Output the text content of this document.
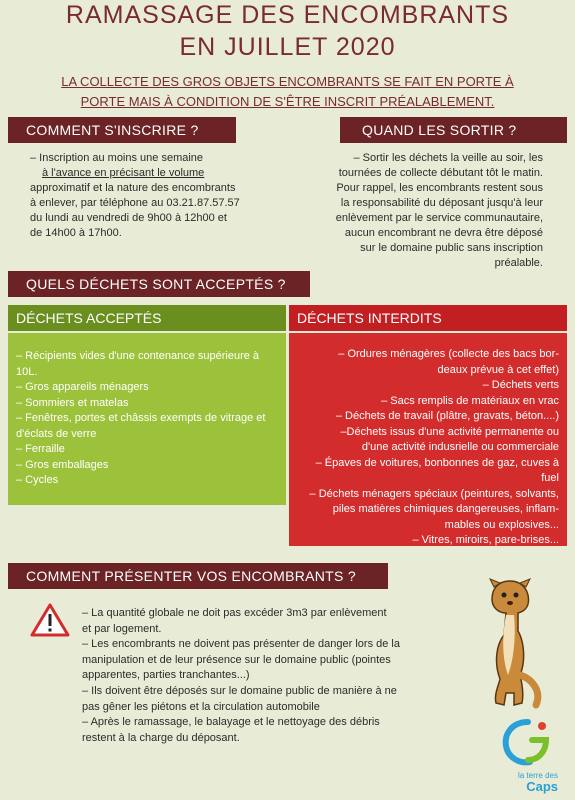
RAMASSAGE DES ENCOMBRANTS
EN JUILLET 2020
LA COLLECTE DES GROS OBJETS ENCOMBRANTS SE FAIT EN PORTE À PORTE MAIS À CONDITION DE S'ÊTRE INSCRIT PRÉALABLEMENT.
COMMENT S'INSCRIRE ?
– Inscription au moins une semaine
à l'avance en précisant le volume
approximatif et la nature des encombrants
à enlever, par téléphone au 03.21.87.57.57
du lundi au vendredi de 9h00 à 12h00 et
de 14h00 à 17h00.
QUAND LES SORTIR ?
– Sortir les déchets la veille au soir, les
tournées de collecte débutant tôt le matin.
Pour rappel, les encombrants restent sous
la responsabilité du déposant jusqu'à leur
enlèvement par le service communautaire,
aucun encombrant ne devra être déposé
sur le domaine public sans inscription
préalable.
QUELS DÉCHETS SONT ACCEPTÉS ?
DÉCHETS ACCEPTÉS
– Récipients vides d'une contenance supérieure à
10L.
– Gros appareils ménagers
– Sommiers et matelas
– Fenêtres, portes et châssis exempts de vitrage et
d'éclats de verre
– Ferraille
– Gros emballages
– Cycles
DÉCHETS INTERDITS
– Ordures ménagères (collecte des bacs bor-
deaux prévue à cet effet)
– Déchets verts
– Sacs remplis de matériaux en vrac
– Déchets de travail (plâtre, gravats, béton....)
–Déchets issus d'une activité permanente ou
d'une activité indusrielle ou commerciale
– Épaves de voitures, bonbonnes de gaz, cuves à
fuel
– Déchets ménagers spéciaux (peintures, solvants,
piles matières chimiques dangereuses, inflam-
mables ou explosives...
– Vitres, miroirs, pare-brises...
COMMENT PRÉSENTER VOS ENCOMBRANTS ?
– La quantité globale ne doit pas excéder 3m3 par enlèvement
et par logement.
– Les encombrants ne doivent pas présenter de danger lors de la
manipulation et de leur présence sur le domaine public (pointes
apparentes, parties tranchantes...)
– Ils doivent être déposés sur le domaine public de manière à ne
pas gêner les piétons et la circulation automobile
– Après le ramassage, le balayage et le nettoyage des débris
restent à la charge du déposant.
la terre des
Caps
